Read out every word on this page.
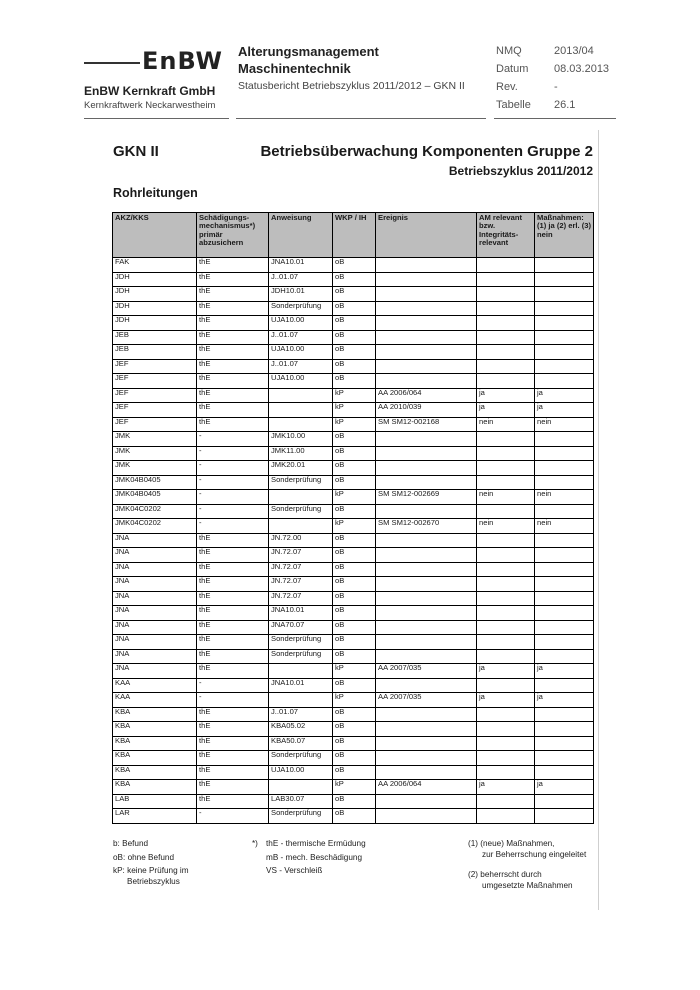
EnBW
EnBW Kernkraft GmbH
Kernkraftwerk Neckarwestheim
Alterungsmanagement
Maschinentechnik
Statusbericht Betriebszyklus 2011/2012 – GKN II
NMQ	2013/04
Datum 08.03.2013
Rev.	-
Tabelle 26.1
GKN II	Betriebsüberwachung Komponenten Gruppe 2
Betriebszyklus 2011/2012
Rohrleitungen
AKZ/KKS	Schädigungs-mechanismus*) primär abzusichern	Anweisung	WKP / IH	Ereignis	AM relevant bzw. Integritäts-relevant	Maßnahmen: (1) ja (2) erl. (3) nein
FAK	thE	JNA10.01	oB			
JDH	thE	J..01.07	oB			
JDH	thE	JDH10.01	oB			
JDH	thE	Sonderprüfung	oB			
JDH	thE	UJA10.00	oB			
JEB	thE	J..01.07	oB			
JEB	thE	UJA10.00	oB			
JEF	thE	J..01.07	oB			
JEF	thE	UJA10.00	oB			
JEF	thE		kP	AA 2006/064	ja	ja
JEF	thE		kP	AA 2010/039	ja	ja
JEF	thE		kP	SM SM12-002168	nein	nein
JMK	-	JMK10.00	oB			
JMK	-	JMK11.00	oB			
JMK	-	JMK20.01	oB			
JMK04B0405	-	Sonderprüfung	oB			
JMK04B0405	-		kP	SM SM12-002669	nein	nein
JMK04C0202	-	Sonderprüfung	oB			
JMK04C0202	-		kP	SM SM12-002670	nein	nein
JNA	thE	JN.72.00	oB			
JNA	thE	JN.72.07	oB			
JNA	thE	JN.72.07	oB			
JNA	thE	JN.72.07	oB			
JNA	thE	JN.72.07	oB			
JNA	thE	JNA10.01	oB			
JNA	thE	JNA70.07	oB			
JNA	thE	Sonderprüfung	oB			
JNA	thE	Sonderprüfung	oB			
JNA	thE		kP	AA 2007/035	ja	ja
KAA	-	JNA10.01	oB			
KAA	-		kP	AA 2007/035	ja	ja
KBA	thE	J..01.07	oB			
KBA	thE	KBA05.02	oB			
KBA	thE	KBA50.07	oB			
KBA	thE	Sonderprüfung	oB			
KBA	thE	UJA10.00	oB			
KBA	thE		kP	AA 2006/064	ja	ja
LAB	thE	LAB30.07	oB			
LAR	-	Sonderprüfung	oB			
b: Befund
oB: ohne Befund
kP: keine Prüfung im
Betriebszyklus
*) thE - thermische Ermüdung
mB - mech. Beschädigung
VS - Verschleiß
(1) (neue) Maßnahmen,
zur Beherrschung eingeleitet
(2) beherrscht durch
umgesetzte Maßnahmen
